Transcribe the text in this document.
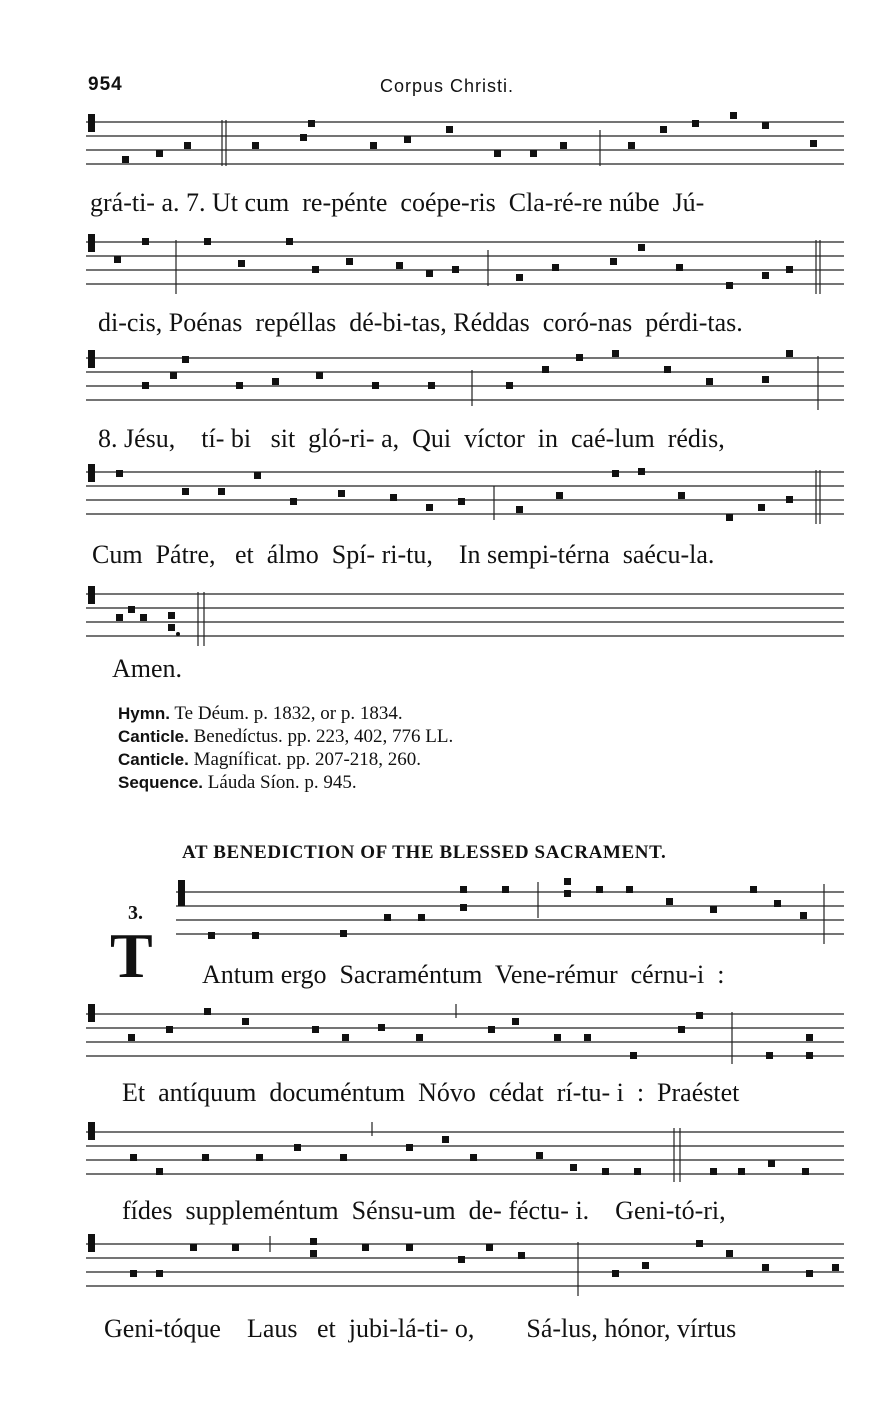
954	Corpus Christi.
grá-ti- a. 7. Ut cum  re-pénte  coépe-ris  Cla-ré-re núbe  Jú-
di-cis, Poénas  repéllas  dé-bi-tas, Réddas  coró-nas  pérdi-tas.
8. Jésu,    tí- bi   sit  gló-ri- a,  Qui  víctor  in  caé-lum  rédis,
Cum  Pátre,   et  álmo  Spí- ri-tu,    In sempi-térna  saécu-la.
Amen.
Hymn. Te Déum. p. 1832, or p. 1834.
Canticle. Benedíctus. pp. 223, 402, 776 LL.
Canticle. Magníficat. pp. 207-218, 260.
Sequence. Láuda Síon. p. 945.
AT BENEDICTION OF THE BLESSED SACRAMENT.
3.
T Antum ergo  Sacraméntum  Vene-rémur  cérnu-i  :
Et  antíquum  documéntum  Nóvo  cédat  rí-tu- i  :  Praéstet
fídes  suppleméntum  Sénsu-um  de- féctu- i.    Geni-tó-ri,
Geni-tóque    Laus   et  jubi-lá-ti- o,        Sá-lus, hónor, vírtus
